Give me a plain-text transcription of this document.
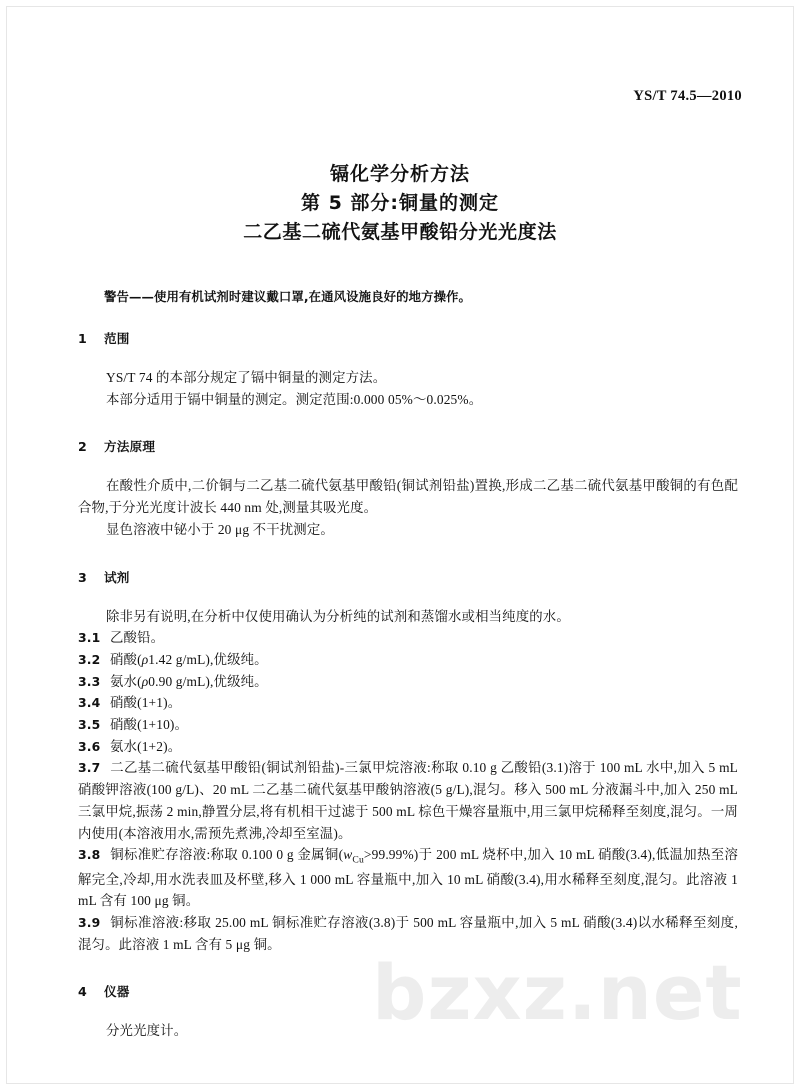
bzxz.net
YS/T 74.5—2010
镉化学分析方法
第 5 部分:铜量的测定
二乙基二硫代氨基甲酸铅分光光度法
警告——使用有机试剂时建议戴口罩,在通风设施良好的地方操作。
1 范围
YS/T 74 的本部分规定了镉中铜量的测定方法。
本部分适用于镉中铜量的测定。测定范围:0.000 05%～0.025%。
2 方法原理
在酸性介质中,二价铜与二乙基二硫代氨基甲酸铅(铜试剂铅盐)置换,形成二乙基二硫代氨基甲酸铜的有色配合物,于分光光度计波长 440 nm 处,测量其吸光度。
显色溶液中铋小于 20 μg 不干扰测定。
3 试剂
除非另有说明,在分析中仅使用确认为分析纯的试剂和蒸馏水或相当纯度的水。
3.1 乙酸铅。
3.2 硝酸(ρ1.42 g/mL),优级纯。
3.3 氨水(ρ0.90 g/mL),优级纯。
3.4 硝酸(1+1)。
3.5 硝酸(1+10)。
3.6 氨水(1+2)。
3.7 二乙基二硫代氨基甲酸铅(铜试剂铅盐)-三氯甲烷溶液:称取 0.10 g 乙酸铅(3.1)溶于 100 mL 水中,加入 5 mL 硝酸钾溶液(100 g/L)、20 mL 二乙基二硫代氨基甲酸钠溶液(5 g/L),混匀。移入 500 mL 分液漏斗中,加入 250 mL 三氯甲烷,振荡 2 min,静置分层,将有机相干过滤于 500 mL 棕色干燥容量瓶中,用三氯甲烷稀释至刻度,混匀。一周内使用(本溶液用水,需预先煮沸,冷却至室温)。
3.8 铜标准贮存溶液:称取 0.100 0 g 金属铜$(w_{Cu}>99.99\%)$于 200 mL 烧杯中,加入 10 mL 硝酸(3.4),低温加热至溶解完全,冷却,用水洗表皿及杯壁,移入 1 000 mL 容量瓶中,加入 10 mL 硝酸(3.4),用水稀释至刻度,混匀。此溶液 1 mL 含有 100 μg 铜。
3.9 铜标准溶液:移取 25.00 mL 铜标准贮存溶液(3.8)于 500 mL 容量瓶中,加入 5 mL 硝酸(3.4)以水稀释至刻度,混匀。此溶液 1 mL 含有 5 μg 铜。
4 仪器
分光光度计。
